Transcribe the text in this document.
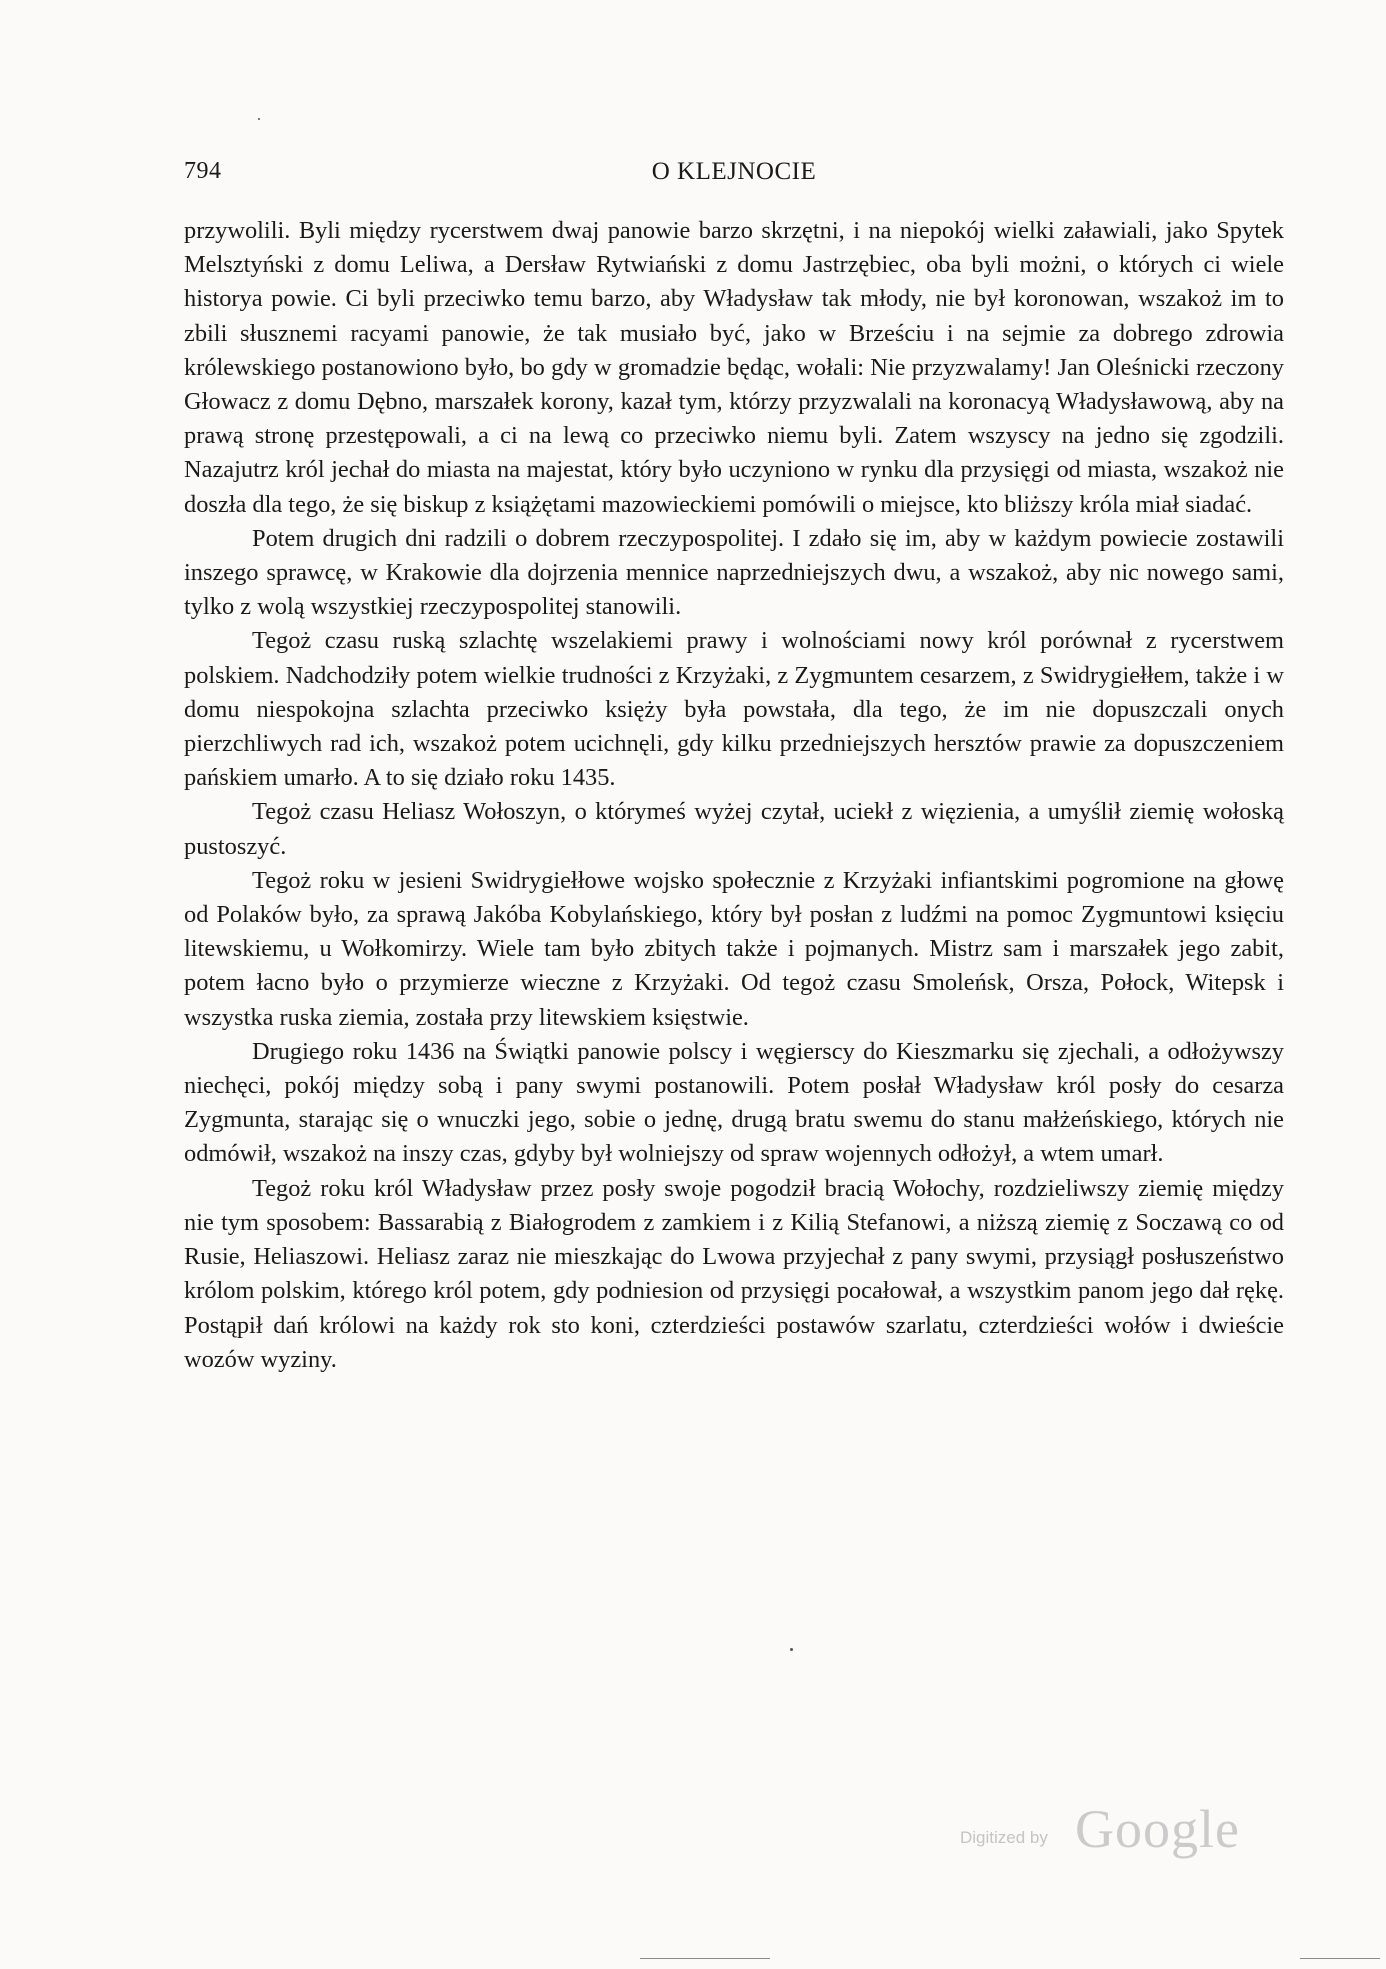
794	O KLEJNOCIE

przywolili. Byli między rycerstwem dwaj panowie barzo skrzętni, i na niepokój wielki załawiali, jako Spytek Melsztyński z domu Leliwa, a Dersław Rytwiański z domu Jastrzębiec, oba byli możni, o których ci wiele historya powie. Ci byli przeciwko temu barzo, aby Władysław tak młody, nie był koronowan, wszakoż im to zbili słusznemi racyami panowie, że tak musiało być, jako w Brześciu i na sejmie za dobrego zdrowia królewskiego postanowiono było, bo gdy w gromadzie będąc, wołali: Nie przyzwalamy! Jan Oleśnicki rzeczony Głowacz z domu Dębno, marszałek korony, kazał tym, którzy przyzwalali na koronacyą Władysławową, aby na prawą stronę przestępowali, a ci na lewą co przeciwko niemu byli. Zatem wszyscy na jedno się zgodzili. Nazajutrz król jechał do miasta na majestat, który było uczyniono w rynku dla przysięgi od miasta, wszakoż nie doszła dla tego, że się biskup z książętami mazowieckiemi pomówili o miejsce, kto bliższy króla miał siadać.

Potem drugich dni radzili o dobrem rzeczypospolitej. I zdało się im, aby w każdym powiecie zostawili inszego sprawcę, w Krakowie dla dojrzenia mennice naprzedniejszych dwu, a wszakoż, aby nic nowego sami, tylko z wolą wszystkiej rzeczypospolitej stanowili.

Tegoż czasu ruską szlachtę wszelakiemi prawy i wolnościami nowy król porównał z rycerstwem polskiem. Nadchodziły potem wielkie trudności z Krzyżaki, z Zygmuntem cesarzem, z Swidrygiełłem, także i w domu niespokojna szlachta przeciwko księży była powstała, dla tego, że im nie dopuszczali onych pierzchliwych rad ich, wszakoż potem ucichnęli, gdy kilku przedniejszych hersztów prawie za dopuszczeniem pańskiem umarło. A to się działo roku 1435.

Tegoż czasu Heliasz Wołoszyn, o którymeś wyżej czytał, uciekł z więzienia, a umyślił ziemię wołoską pustoszyć.

Tegoż roku w jesieni Swidrygiełłowe wojsko społecznie z Krzyżaki infiantskimi pogromione na głowę od Polaków było, za sprawą Jakóba Kobylańskiego, który był posłan z ludźmi na pomoc Zygmuntowi księciu litewskiemu, u Wołkomirzy. Wiele tam było zbitych także i pojmanych. Mistrz sam i marszałek jego zabit, potem łacno było o przymierze wieczne z Krzyżaki. Od tegoż czasu Smoleńsk, Orsza, Połock, Witepsk i wszystka ruska ziemia, została przy litewskiem księstwie.

Drugiego roku 1436 na Świątki panowie polscy i węgierscy do Kieszmarku się zjechali, a odłożywszy niechęci, pokój między sobą i pany swymi postanowili. Potem posłał Władysław król posły do cesarza Zygmunta, starając się o wnuczki jego, sobie o jednę, drugą bratu swemu do stanu małżeńskiego, których nie odmówił, wszakoż na inszy czas, gdyby był wolniejszy od spraw wojennych odłożył, a wtem umarł.

Tegoż roku król Władysław przez posły swoje pogodził bracią Wołochy, rozdzieliwszy ziemię między nie tym sposobem: Bassarabią z Białogrodem z zamkiem i z Kilią Stefanowi, a niższą ziemię z Soczawą co od Rusie, Heliaszowi. Heliasz zaraz nie mieszkając do Lwowa przyjechał z pany swymi, przysiągł posłuszeństwo królom polskim, którego król potem, gdy podniesion od przysięgi pocałował, a wszystkim panom jego dał rękę. Postąpił dań królowi na każdy rok sto koni, czterdzieści postawów szarlatu, czterdzieści wołów i dwieście wozów wyziny.

Digitized by Google
